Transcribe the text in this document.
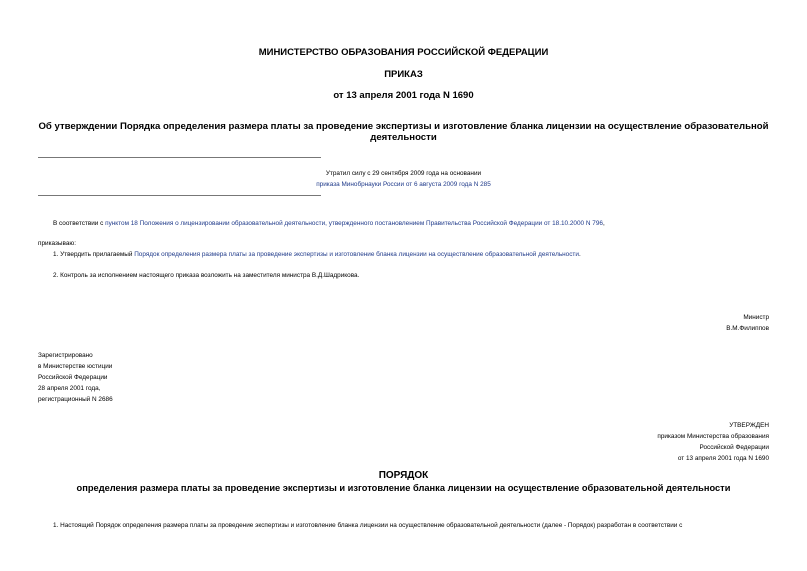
МИНИСТЕРСТВО ОБРАЗОВАНИЯ РОССИЙСКОЙ ФЕДЕРАЦИИ
ПРИКАЗ
от 13 апреля 2001 года N 1690
Об утверждении Порядка определения размера платы за проведение экспертизы и изготовление бланка лицензии на осуществление образовательной
деятельности
Утратил силу с 29 сентября 2009 года на основании
приказа Минобрнауки России от 6 августа 2009 года N 285
В соответствии с пунктом 18 Положения о лицензировании образовательной деятельности, утвержденного постановлением Правительства Российской Федерации от 18.10.2000 N 796,
приказываю:
1. Утвердить прилагаемый Порядок определения размера платы за проведение экспертизы и изготовление бланка лицензии на осуществление образовательной деятельности.
2. Контроль за исполнением настоящего приказа возложить на заместителя министра В.Д.Шадрикова.
Министр
В.М.Филиппов
Зарегистрировано
в Министерстве юстиции
Российской Федерации
28 апреля 2001 года,
регистрационный N 2686
УТВЕРЖДЕН
приказом Министерства образования
Российской Федерации
от 13 апреля 2001 года N 1690
ПОРЯДОК
определения размера платы за проведение экспертизы и изготовление бланка лицензии на осуществление образовательной деятельности
1. Настоящий Порядок определения размера платы за проведение экспертизы и изготовление бланка лицензии на осуществление образовательной деятельности (далее - Порядок) разработан в соответствии с
